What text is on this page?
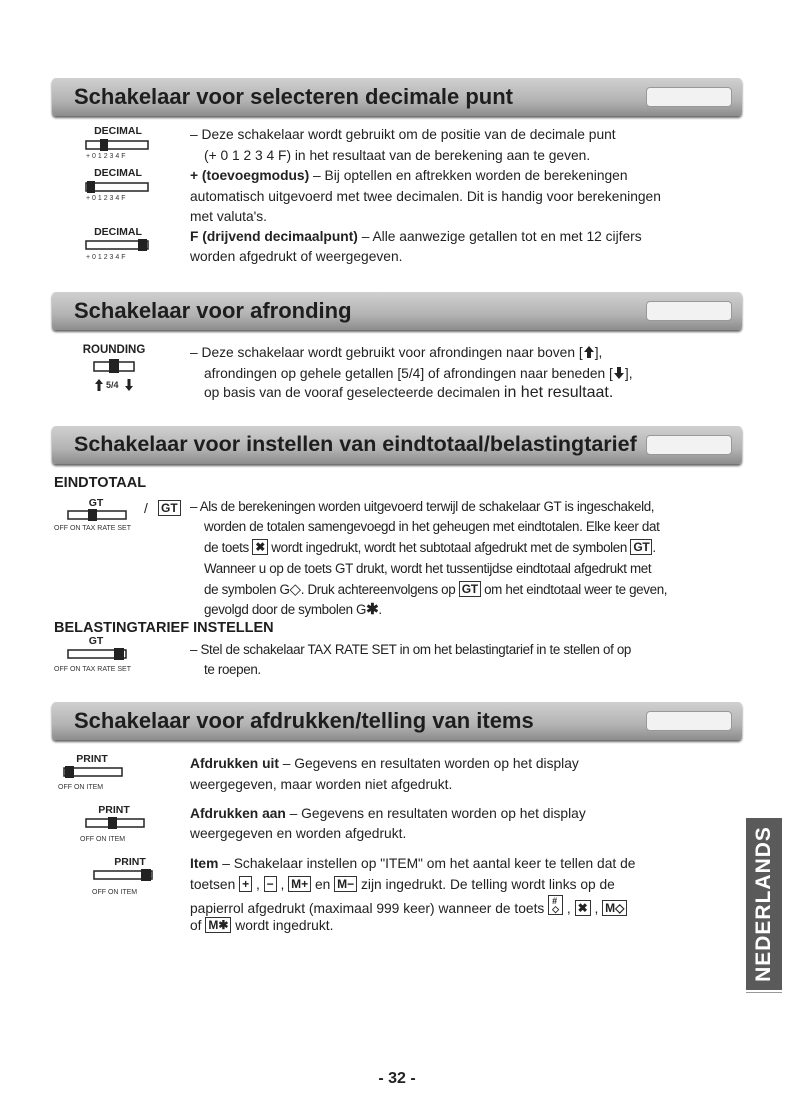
Schakelaar voor selecteren decimale punt
DECIMAL
+ 0 1 2 3 4 F
DECIMAL
+ 0 1 2 3 4 F
DECIMAL
+ 0 1 2 3 4 F
– Deze schakelaar wordt gebruikt om de positie van de decimale punt
(+ 0 1 2 3 4 F) in het resultaat van de berekening aan te geven.
+ (toevoegmodus) – Bij optellen en aftrekken worden de berekeningen
automatisch uitgevoerd met twee decimalen. Dit is handig voor berekeningen
met valuta's.
F (drijvend decimaalpunt) – Alle aanwezige getallen tot en met 12 cijfers
worden afgedrukt of weergegeven.
Schakelaar voor afronding
ROUNDING
5/4
– Deze schakelaar wordt gebruikt voor afrondingen naar boven [ ],
afrondingen op gehele getallen [5/4] of afrondingen naar beneden [ ],
op basis van de vooraf geselecteerde decimalen in het resultaat.
Schakelaar voor instellen van eindtotaal/belastingtarief
EINDTOTAAL
GT
OFF ON TAX RATE SET
/ GT – Als de berekeningen worden uitgevoerd terwijl de schakelaar GT is ingeschakeld,
worden de totalen samengevoegd in het geheugen met eindtotalen. Elke keer dat
de toets ✖ wordt ingedrukt, wordt het subtotaal afgedrukt met de symbolen GT .
Wanneer u op de toets GT drukt, wordt het tussentijdse eindtotaal afgedrukt met
de symbolen G◇. Druk achtereenvolgens op GT om het eindtotaal weer te geven,
gevolgd door de symbolen G✱.
BELASTINGTARIEF INSTELLEN
GT
OFF ON TAX RATE SET
– Stel de schakelaar TAX RATE SET in om het belastingtarief in te stellen of op
te roepen.
Schakelaar voor afdrukken/telling van items
PRINT
OFF ON ITEM
PRINT
OFF ON ITEM
PRINT
OFF ON ITEM
Afdrukken uit – Gegevens en resultaten worden op het display
weergegeven, maar worden niet afgedrukt.
Afdrukken aan – Gegevens en resultaten worden op het display
weergegeven en worden afgedrukt.
Item – Schakelaar instellen op "ITEM" om het aantal keer te tellen dat de
toetsen + , − , M+ en M− zijn ingedrukt. De telling wordt links op de
papierrol afgedrukt (maximaal 999 keer) wanneer de toets #
◇ , ✖ , M◇
of M✱ wordt ingedrukt.	NEDERLANDS
- 32 -
